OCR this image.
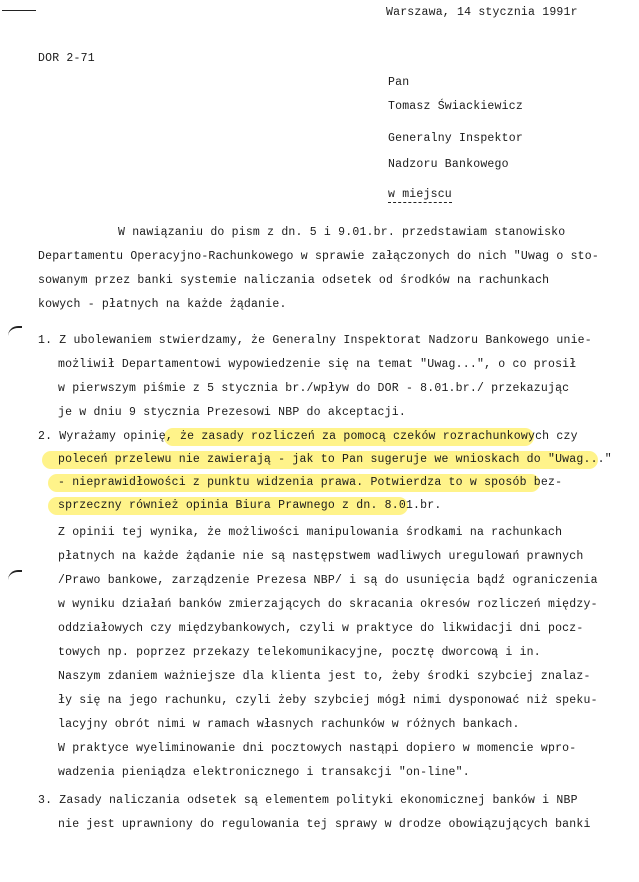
Warszawa, 14 stycznia 1991r
DOR 2-71
Pan
Tomasz Świackiewicz
Generalny Inspektor
Nadzoru Bankowego
w miejscu
W nawiązaniu do pism z dn. 5 i 9.01.br. przedstawiam stanowisko
Departamentu Operacyjno-Rachunkowego w sprawie załączonych do nich "Uwag o sto-
sowanym przez banki systemie naliczania odsetek od środków na rachunkach
kowych - płatnych na każde żądanie.
1. Z ubolewaniem stwierdzamy, że Generalny Inspektorat Nadzoru Bankowego uniе-
możliwił Departamentowi wypowiedzenie się na temat "Uwag...", o co prosił
w pierwszym piśmie z 5 stycznia br./wpływ do DOR - 8.01.br./ przekazując
je w dniu 9 stycznia Prezesowi NBP do akceptacji.
2. Wyrażamy opinię, że zasady rozliczeń za pomocą czeków rozrachunkowych czy
poleceń przelewu nie zawierają - jak to Pan sugeruje we wnioskach do "Uwag..."
- nieprawidłowości z punktu widzenia prawa. Potwierdza to w sposób bez-
sprzeczny również opinia Biura Prawnego z dn. 8.01.br.
Z opinii tej wynika, że możliwości manipulowania środkami na rachunkach
płatnych na każde żądanie nie są następstwem wadliwych uregulowań prawnych
/Prawo bankowe, zarządzenie Prezesa NBP/ i są do usunięcia bądź ograniczenia
w wyniku działań banków zmierzających do skracania okresów rozliczeń między-
oddziałowych czy międzybankowych, czyli w praktyce do likwidacji dni pocz-
towych np. poprzez przekazy telekomunikacyjne, pocztę dworcową i in.
Naszym zdaniem ważniejsze dla klienta jest to, żeby środki szybciej znalaz-
ły się na jego rachunku, czyli żeby szybciej mógł nimi dysponować niż speku-
lacyjny obrót nimi w ramach własnych rachunków w różnych bankach.
W praktyce wyeliminowanie dni pocztowych nastąpi dopiero w momencie wpro-
wadzenia pieniądza elektronicznego i transakcji "on-line".
3. Zasady naliczania odsetek są elementem polityki ekonomicznej banków i NBP
nie jest uprawniony do regulowania tej sprawy w drodze obowiązujących banki
